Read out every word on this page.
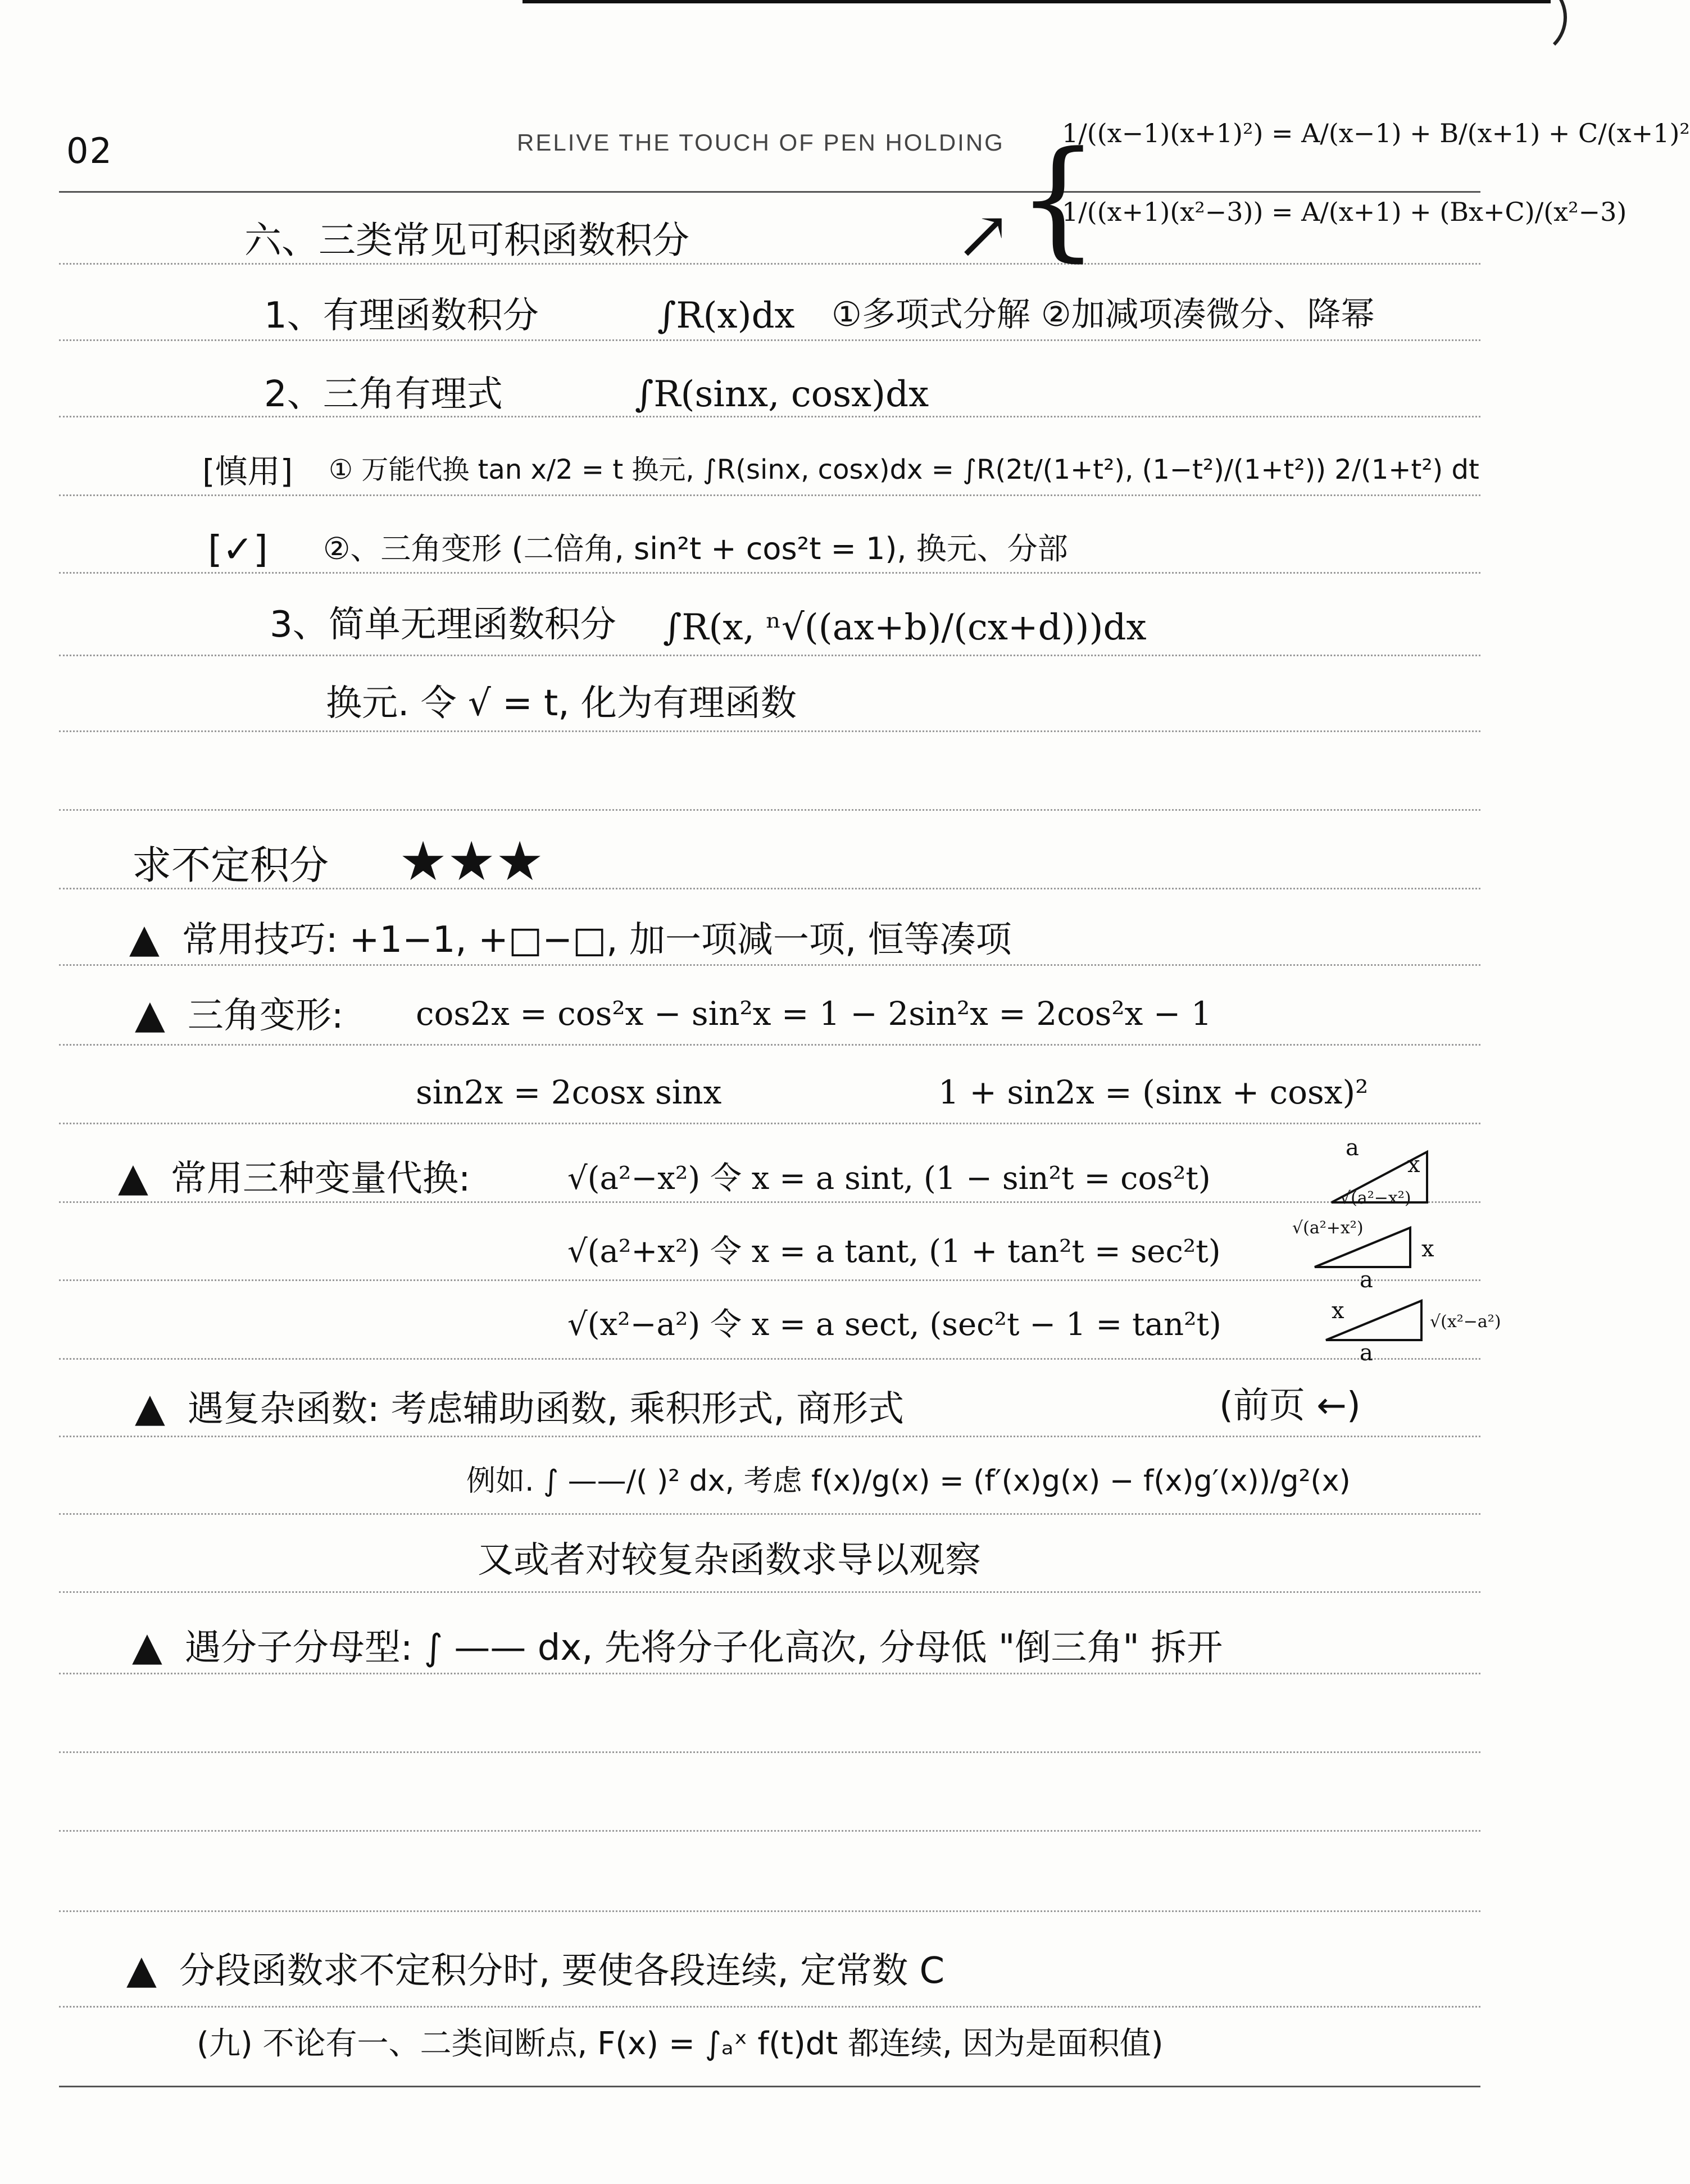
02	RELIVE THE TOUCH OF PEN HOLDING
↗ {
1/((x−1)(x+1)²) = A/(x−1) + B/(x+1) + C/(x+1)²
1/((x+1)(x²−3)) = A/(x+1) + (Bx+C)/(x²−3)
六、三类常见可积函数积分
1、有理函数积分	∫R(x)dx ①多项式分解 ②加减项凑微分、降幂
2、三角有理式	∫R(sinx, cosx)dx
[慎用] ① 万能代换 tan x/2 = t 换元, ∫R(sinx, cosx)dx = ∫R(2t/(1+t²), (1−t²)/(1+t²)) 2/(1+t²) dt
[✓] ②、三角变形 (二倍角, sin²t + cos²t = 1), 换元、分部
3、简单无理函数积分 ∫R(x, ⁿ√((ax+b)/(cx+d)))dx
换元. 令 √ = t, 化为有理函数
求不定积分 ★★★
▲ 常用技巧: +1−1, +□−□, 加一项减一项, 恒等凑项
▲ 三角变形: cos2x = cos²x − sin²x = 1 − 2sin²x = 2cos²x − 1
sin2x = 2cosx sinx	1 + sin2x = (sinx + cosx)²
▲ 常用三种变量代换:	√(a²−x²) 令 x = a sint, (1 − sin²t = cos²t)
√(a²+x²) 令 x = a tant, (1 + tan²t = sec²t)
√(x²−a²) 令 x = a sect, (sec²t − 1 = tan²t)
a
x
√(a²−x²)
√(a²+x²)
x
a
x	√(x²−a²)
a
▲ 遇复杂函数: 考虑辅助函数, 乘积形式, 商形式	(前页 ←)
例如. ∫ ——/( )² dx, 考虑 f(x)/g(x) = (f′(x)g(x) − f(x)g′(x))/g²(x)
又或者对较复杂函数求导以观察
▲ 遇分子分母型: ∫ —— dx, 先将分子化高次, 分母低 "倒三角" 拆开
▲ 分段函数求不定积分时, 要使各段连续, 定常数 C
(九) 不论有一、二类间断点, F(x) = ∫ₐˣ f(t)dt 都连续, 因为是面积值)
